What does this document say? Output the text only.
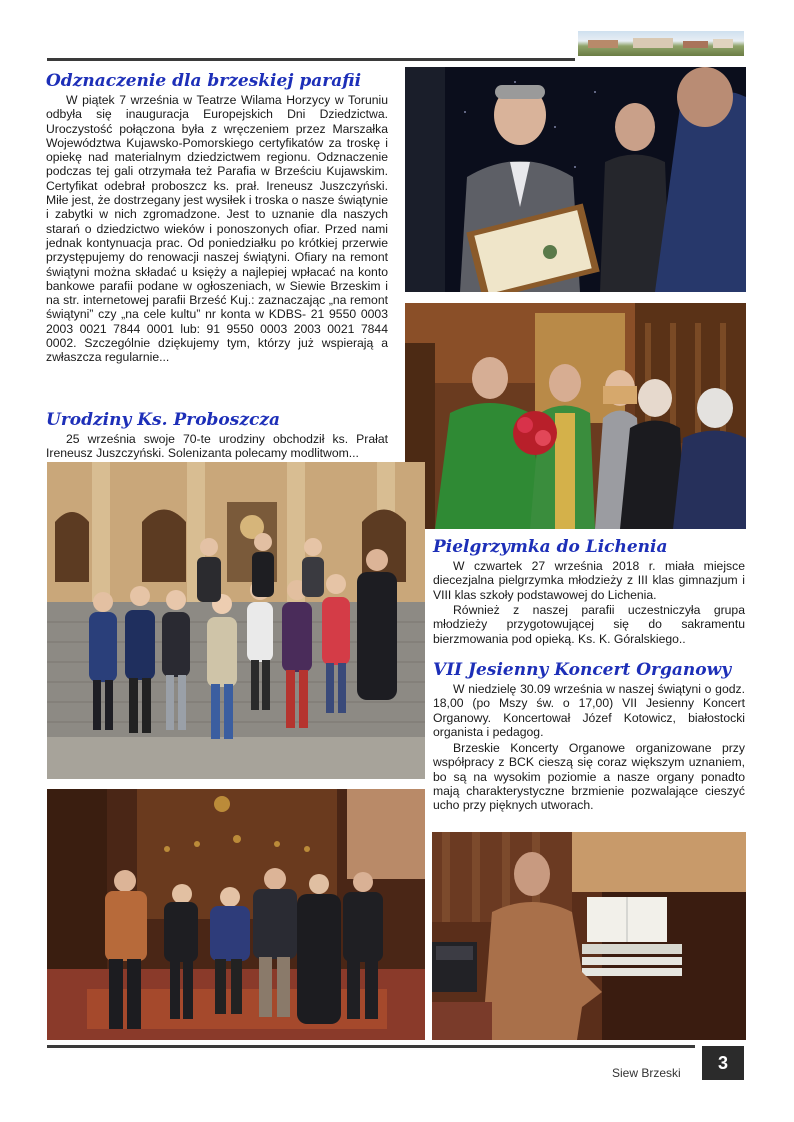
Odznaczenie dla brzeskiej parafii

W piątek 7 września w Teatrze Wilama Horzycy w Toruniu odbyła się inauguracja Europejskich Dni Dziedzictwa. Uroczystość połączona była z wręczeniem przez Marszałka Województwa Kujawsko-Pomorskiego certyfikatów za troskę i opiekę nad materialnym dziedzictwem regionu. Odznaczenie podczas tej gali otrzymała też Parafia w Brześciu Kujawskim. Certyfikat odebrał proboszcz ks. prał. Ireneusz Juszczyński. Miłe jest, że dostrzegany jest wysiłek i troska o nasze świątynie i zabytki w nich zgromadzone. Jest to uznanie dla naszych starań o dziedzictwo wieków i ponoszonych ofiar. Przed nami jednak kontynuacja prac. Od poniedziałku po krótkiej przerwie przystępujemy do renowacji naszej świątyni. Ofiary na remont świątyni można składać u księży a najlepiej wpłacać na konto bankowe parafii podane w ogłoszeniach, w Siewie Brzeskim i na str. internetowej parafii Brześć Kuj.: zaznaczając „na remont świątyni” czy „na cele kultu” nr konta w KDBS- 21 9550 0003 2003 0021 7844 0001 lub: 91 9550 0003 2003 0021 7844 0002. Szczególnie dziękujemy tym, którzy już wspierają a zwłaszcza regularnie...

Urodziny Ks. Proboszcza

25 września swoje 70-te urodziny obchodził ks. Prałat Ireneusz Juszczyński. Solenizanta polecamy modlitwom...

Pielgrzymka do Lichenia

W czwartek 27 września 2018 r. miała miejsce diecezjalna pielgrzymka młodzieży z III klas gimnazjum i VIII klas szkoły podstawowej do Lichenia.

Również z naszej parafii uczestniczyła grupa młodzieży przygotowującej się do sakramentu bierzmowania pod opieką. Ks. K. Góralskiego..

VII Jesienny Koncert Organowy

W niedzielę 30.09 września w naszej świątyni o godz. 18,00 (po Mszy św. o 17,00) VII Jesienny Koncert Organowy. Koncertował Józef Kotowicz, białostocki organista i pedagog.

Brzeskie Koncerty Organowe organizowane przy współpracy z BCK cieszą się coraz większym uznaniem, bo są na wysokim poziomie a nasze organy ponadto mają charakterystyczne brzmienie pozwalające cieszyć ucho przy pięknych utworach.

Siew Brzeski	3
